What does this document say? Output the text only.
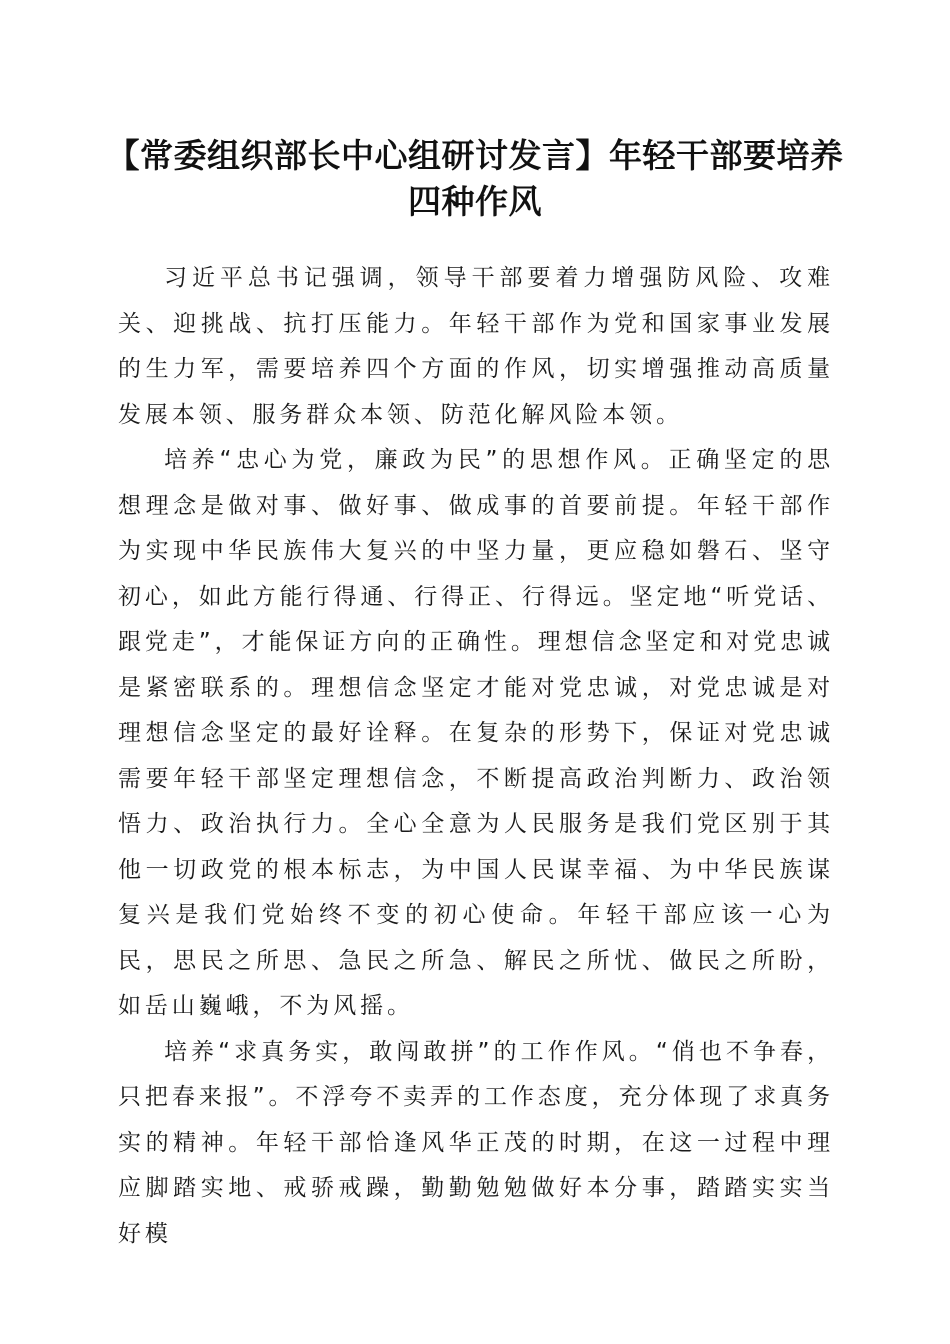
【常委组织部长中心组研讨发言】年轻干部要培养四种作风

习近平总书记强调，领导干部要着力增强防风险、攻难关、迎挑战、抗打压能力。年轻干部作为党和国家事业发展的生力军，需要培养四个方面的作风，切实增强推动高质量发展本领、服务群众本领、防范化解风险本领。

培养“忠心为党，廉政为民”的思想作风。正确坚定的思想理念是做对事、做好事、做成事的首要前提。年轻干部作为实现中华民族伟大复兴的中坚力量，更应稳如磐石、坚守初心，如此方能行得通、行得正、行得远。坚定地“听党话、跟党走”，才能保证方向的正确性。理想信念坚定和对党忠诚是紧密联系的。理想信念坚定才能对党忠诚，对党忠诚是对理想信念坚定的最好诠释。在复杂的形势下，保证对党忠诚需要年轻干部坚定理想信念，不断提高政治判断力、政治领悟力、政治执行力。全心全意为人民服务是我们党区别于其他一切政党的根本标志，为中国人民谋幸福、为中华民族谋复兴是我们党始终不变的初心使命。年轻干部应该一心为民，思民之所思、急民之所急、解民之所忧、做民之所盼，如岳山巍峨，不为风摇。

培养“求真务实，敢闯敢拼”的工作作风。“俏也不争春，只把春来报”。不浮夸不卖弄的工作态度，充分体现了求真务实的精神。年轻干部恰逢风华正茂的时期，在这一过程中理应脚踏实地、戒骄戒躁，勤勤勉勉做好本分事，踏踏实实当好模
